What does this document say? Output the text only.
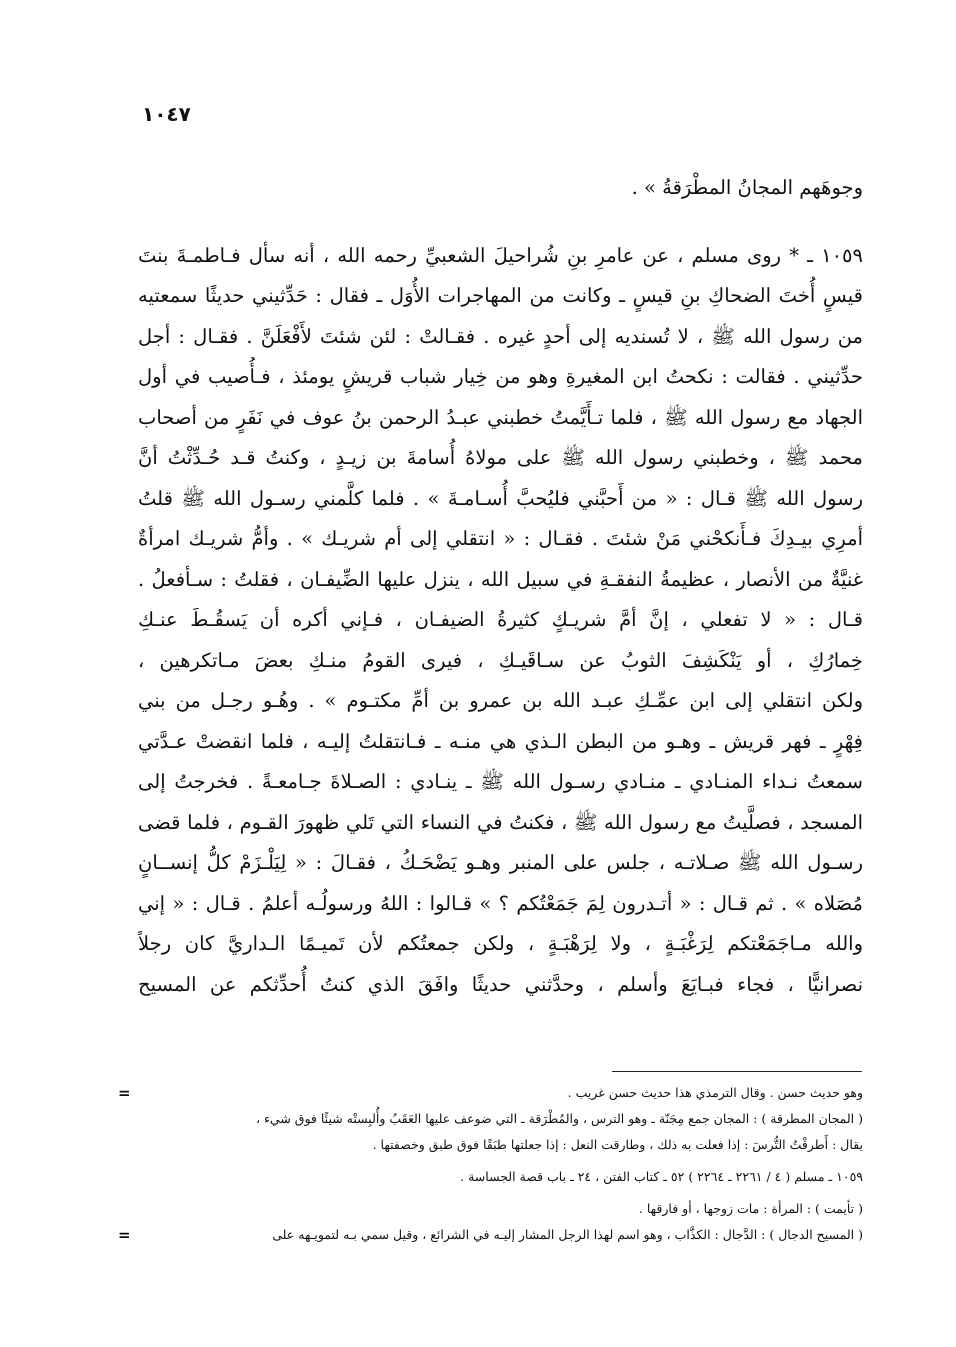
١٠٤٧
وجوهَهم المجانُ المطْرَقةُ » .
١٠٥٩ ـ * روى مسلم ، عن عامرِ بنِ شُراحيلَ الشعبيِّ رحمه الله ، أنه سأل فـاطمـةَ بنتَ
قيسٍ أُختَ الضحاكِ بنِ قيسٍ ـ وكانت من المهاجرات الأُوَل ـ فقال : حَدِّثيني حديثًا سمعتيه
من رسول الله ﷺ ، لا تُسنديه إلى أحدٍ غيره . فقـالتْ : لئن شئتَ لأَفْعَلَنَّ . فقـال : أجل
حدِّثيني . فقالت : نكحتُ ابن المغيرةِ وهو من خِيار شباب قريشٍ يومئذ ، فـأُصيب في أول
الجهاد مع رسول الله ﷺ ، فلما تـأَيَّمتُ خطبني عبـدُ الرحمن بنُ عوف في نَفَرٍ من أصحاب
محمد ﷺ ، وخطبني رسول الله ﷺ على مولاهُ أُسامةَ بن زيـدٍ ، وكنتُ قـد حُـدِّثْتُ أنَّ
رسول الله ﷺ قـال : « من أَحبَّني فليُحبَّ أُسـامـةَ » . فلما كلَّمني رسـول الله ﷺ قلتُ
أمرِي بيـدِكَ فـأَنكحْني مَنْ شئتَ . فقـال : « انتقلي إلى أم شريـك » . وأمُّ شريـك امرأةٌ
غنيَّةٌ من الأنصار ، عظيمةُ النفقـةِ في سبيل الله ، ينزل عليها الضِّيفـان ، فقلتُ : سـأفعلُ .
قـال : « لا تفعلي ، إنَّ أمَّ شريـكٍ كثيرةُ الضيفـان ، فـإني أكره أن يَسقُـطَ عنـكِ
خِمارُكِ ، أو يَنْكَشِفَ الثوبُ عن سـاقَيـكِ ، فيرى القومُ منـكِ بعضَ مـاتكرهين ،
ولكن انتقلي إلى ابن عمِّـكِ عبـد الله بن عمرو بن أمِّ مكتـوم » . وهُـو رجـل من بني
فِهْرٍ ـ فهر قريش ـ وهـو من البطن الـذي هي منـه ـ فـانتقلتُ إليـه ، فلما انقضتْ عـدَّتي
سمعتُ نـداء المنـادي ـ منـادي رسـول الله ﷺ ـ ينـادي : الصـلاةَ جـامعـةً . فخرجتُ إلى
المسجد ، فصلَّيتُ مع رسول الله ﷺ ، فكنتُ في النساء التي تَلي ظهورَ القـوم ، فلما قضى
رسـول الله ﷺ صـلاتـه ، جلس على المنبر وهـو يَضْحَـكُ ، فقـالَ : « لِيَلْـزَمْ كلُّ إنســانٍ
مُصَلاه » . ثم قـال : « أتـدرون لِمَ جَمَعْتُكم ؟ » قـالوا : اللهُ ورسولُـه أعلمُ . قـال : « إني
والله مـاجَمَعْتكم لِرَغْبَـةٍ ، ولا لِرَهْبَـةٍ ، ولكن جمعتُكم لأن تَميـمًا الـداريَّ كان رجلاً
نصرانيًّا ، فجاء فبـايَعَ وأسلم ، وحدَّثني حديثًا وافَقَ الذي كنتُ أُحدِّثكم عن المسيح
وهو حديث حسن . وقال الترمذي هذا حديث حسن غريب .
=
( المجان المطرقة ) : المجان جمع مِجَنّة ـ وهو الترس ، والمُطْرَقة ـ التي ضوعف عليها العَقَبُ وأُلبِستْه شيئًا فوق شيء ،
يقال : أَطرقْتُ التُّرسَ : إذا فعلت به ذلك ، وطارقت النعل : إذا جعلتها طبَقًا فوق طبق وخصفتها .
١٠٥٩ ـ مسلم ( ٤ / ٢٢٦١ ـ ٢٢٦٤ ) ٥٢ ـ كتاب الفتن ، ٢٤ ـ باب قصة الجساسة .
( تأيمت ) : المرأة : مات زوجها ، أو فارقها .
( المسيح الدجال ) : الدَّجال : الكذَّاب ، وهو اسم لهذا الرجل المشار إليـه في الشرائع ، وقيل سمي بـه لتمويـهه على
=
